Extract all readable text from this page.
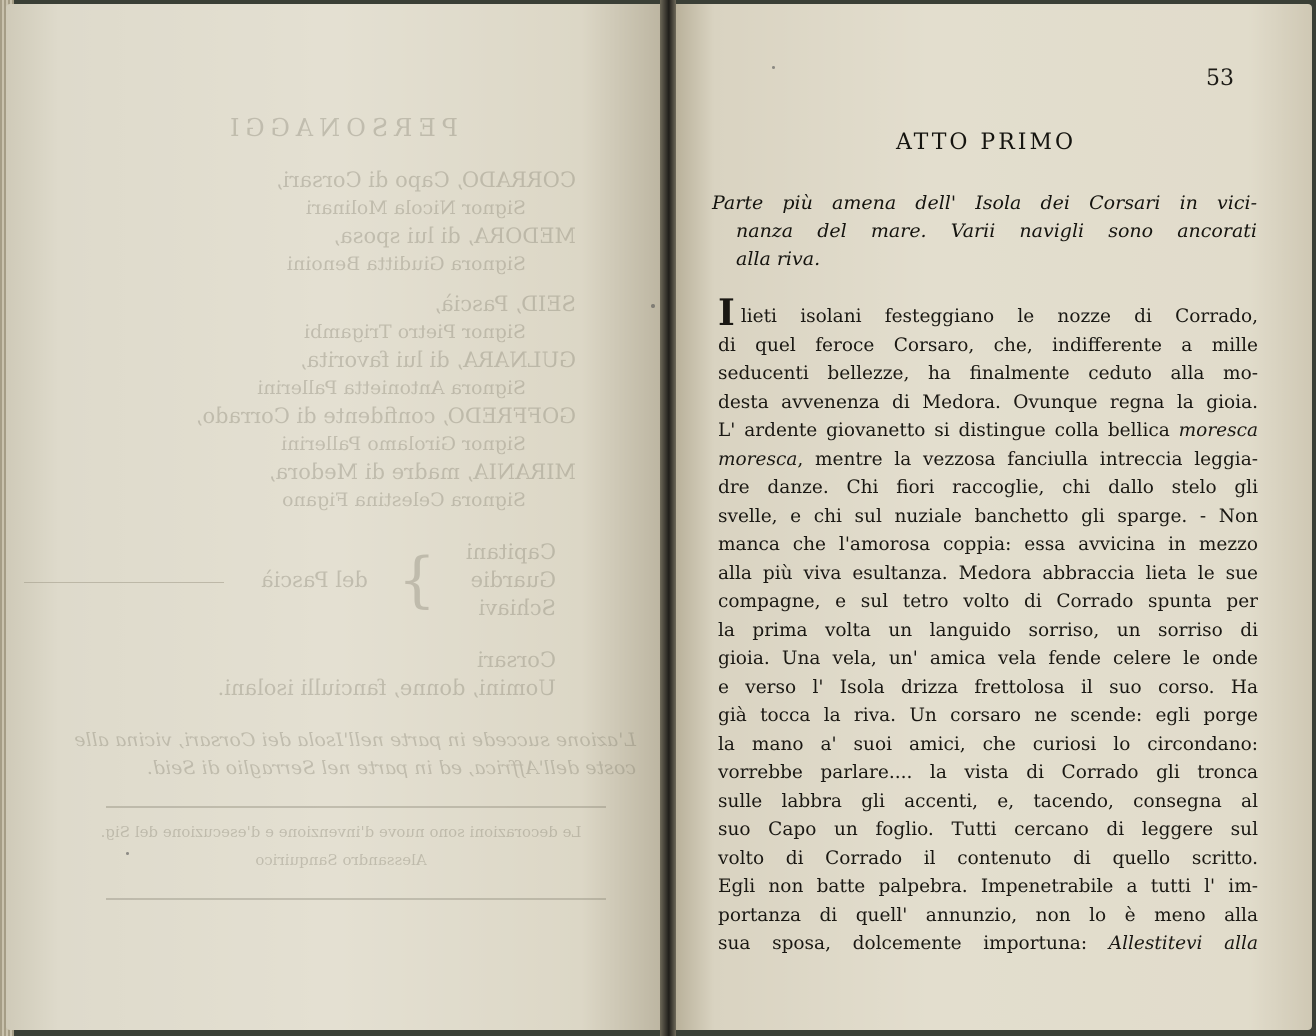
PERSONAGGI
CORRADO, Capo di Corsari,
Signor Nicola Molinari
MEDORA, di lui sposa,
Signora Giuditta Benoini
SEID, Pascià,
Signor Pietro Trigambi
GULNARA, di lui favorita,
Signora Antonietta Pallerini
GOFFREDO, confidente di Corrado,
Signor Girolamo Pallerini
MIRANIA, madre di Medora,
Signora Celestina Figano
Capitani
Guardie
Schiavi
}
del Pascià
Corsari
Uomini, donne, fanciulli isolani.
L'azione succede in parte nell'Isola dei Corsari, vicina alle coste dell'Affrica, ed in parte nel Serraglio di Seid.
Le decorazioni sono nuove d'invenzione e d'esecuzione del Sig. Alessandro Sanquirico
53
ATTO PRIMO
Parte più amena dell' Isola dei Corsari in vici-
nanza del mare. Varii navigli sono ancorati
alla riva.
Ilieti isolani festeggiano le nozze di Corrado,
di quel feroce Corsaro, che, indifferente a mille
seducenti bellezze, ha finalmente ceduto alla mo-
desta avvenenza di Medora. Ovunque regna la gioia.
L' ardente giovanetto si distingue colla bellica moresca
moresca, mentre la vezzosa fanciulla intreccia leggia-
dre danze. Chi fiori raccoglie, chi dallo stelo gli
svelle, e chi sul nuziale banchetto gli sparge. - Non
manca che l'amorosa coppia: essa avvicina in mezzo
alla più viva esultanza. Medora abbraccia lieta le sue
compagne, e sul tetro volto di Corrado spunta per
la prima volta un languido sorriso, un sorriso di
gioia. Una vela, un' amica vela fende celere le onde
e verso l' Isola drizza frettolosa il suo corso. Ha
già tocca la riva. Un corsaro ne scende: egli porge
la mano a' suoi amici, che curiosi lo circondano:
vorrebbe parlare.... la vista di Corrado gli tronca
sulle labbra gli accenti, e, tacendo, consegna al
suo Capo un foglio. Tutti cercano di leggere sul
volto di Corrado il contenuto di quello scritto.
Egli non batte palpebra. Impenetrabile a tutti l' im-
portanza di quell' annunzio, non lo è meno alla
sua sposa, dolcemente importuna: Allestitevi alla
